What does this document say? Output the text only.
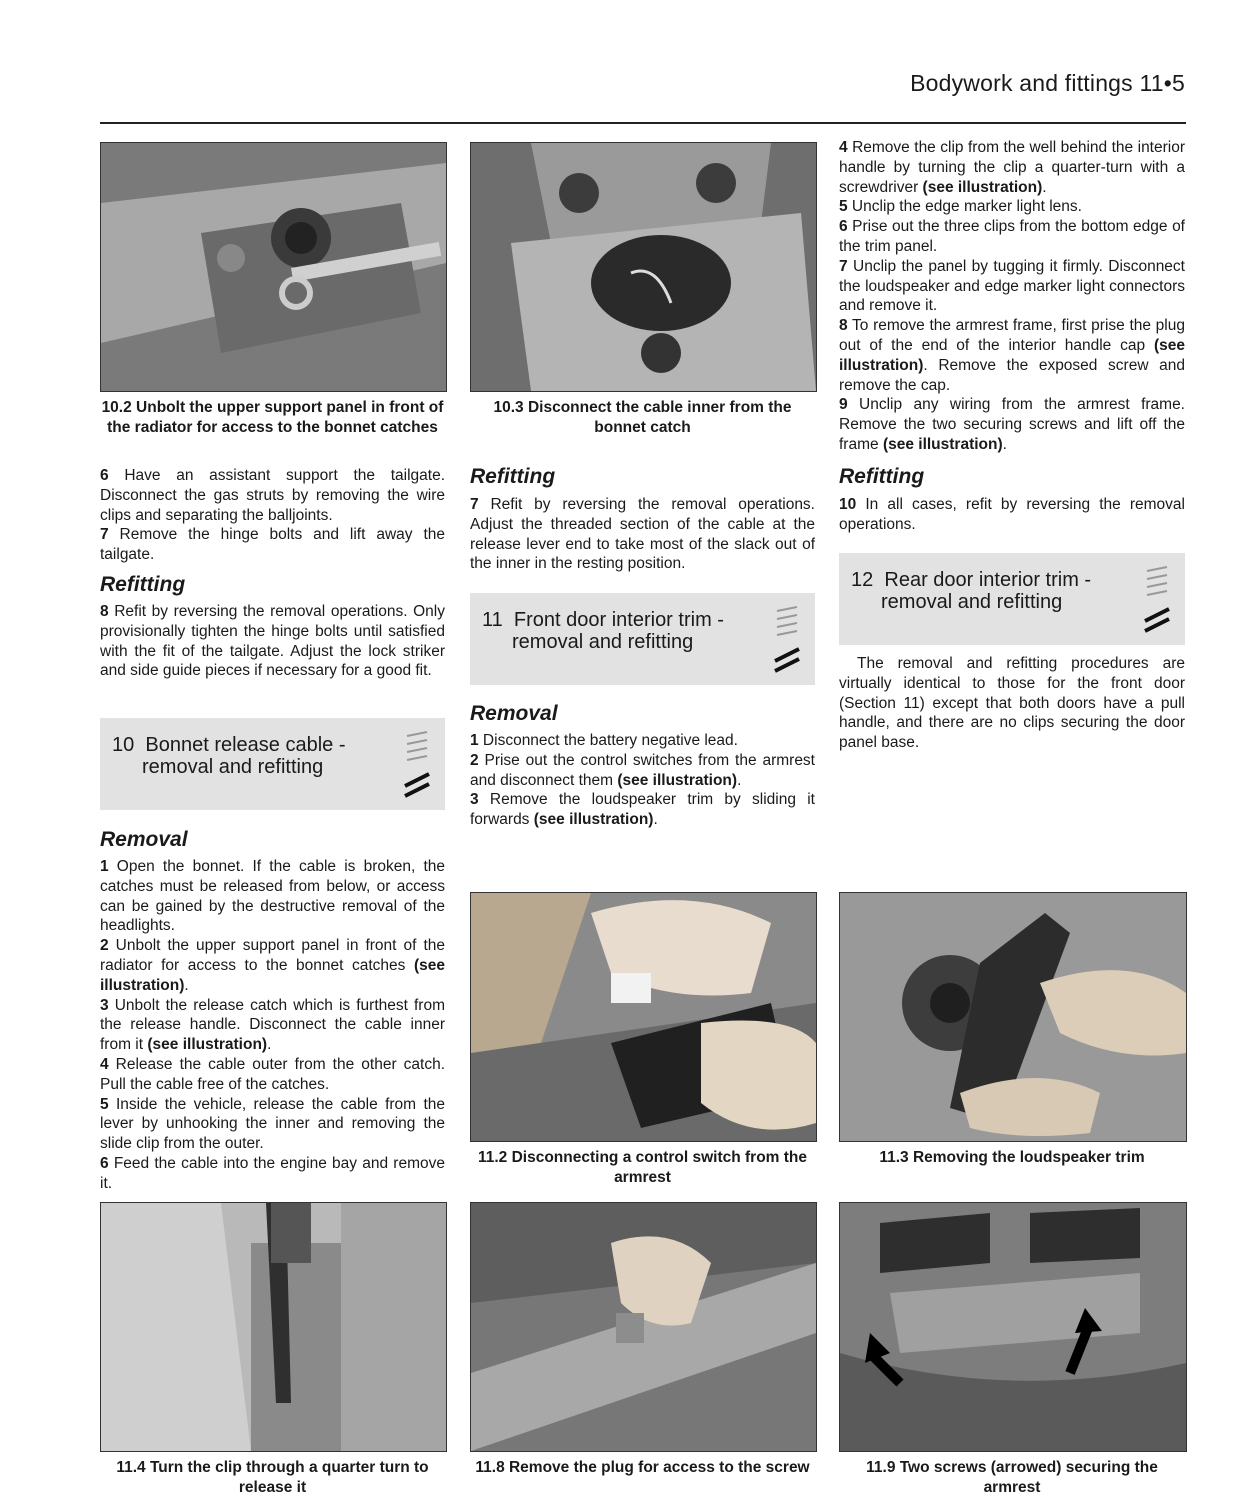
Bodywork and fittings 11•5
10.2 Unbolt the upper support panel in front of the radiator for access to the bonnet catches

6 Have an assistant support the tailgate. Disconnect the gas struts by removing the wire clips and separating the balljoints.

7 Remove the hinge bolts and lift away the tailgate.

Refitting

8 Refit by reversing the removal operations. Only provisionally tighten the hinge bolts until satisfied with the fit of the tailgate. Adjust the lock striker and side guide pieces if necessary for a good fit.

10 Bonnet release cable -
removal and refitting
Removal

1 Open the bonnet. If the cable is broken, the catches must be released from below, or access can be gained by the destructive removal of the headlights.

2 Unbolt the upper support panel in front of the radiator for access to the bonnet catches (see illustration).

3 Unbolt the release catch which is furthest from the release handle. Disconnect the cable inner from it (see illustration).

4 Release the cable outer from the other catch. Pull the cable free of the catches.

5 Inside the vehicle, release the cable from the lever by unhooking the inner and removing the slide clip from the outer.

6 Feed the cable into the engine bay and remove it.

10.3 Disconnect the cable inner from the bonnet catch
Refitting

7 Refit by reversing the removal operations. Adjust the threaded section of the cable at the release lever end to take most of the slack out of the inner in the resting position.

11 Front door interior trim -
removal and refitting
Removal

1 Disconnect the battery negative lead.

2 Prise out the control switches from the armrest and disconnect them (see illustration).

3 Remove the loudspeaker trim by sliding it forwards (see illustration).

4 Remove the clip from the well behind the interior handle by turning the clip a quarter-turn with a screwdriver (see illustration).

5 Unclip the edge marker light lens.

6 Prise out the three clips from the bottom edge of the trim panel.

7 Unclip the panel by tugging it firmly. Disconnect the loudspeaker and edge marker light connectors and remove it.

8 To remove the armrest frame, first prise the plug out of the end of the interior handle cap (see illustration). Remove the exposed screw and remove the cap.

9 Unclip any wiring from the armrest frame. Remove the two securing screws and lift off the frame (see illustration).

Refitting

10 In all cases, refit by reversing the removal operations.

12 Rear door interior trim -
removal and refitting
The removal and refitting procedures are virtually identical to those for the front door (Section 11) except that both doors have a pull handle, and there are no clips securing the door panel base.
11.2 Disconnecting a control switch from the armrest
11.3 Removing the loudspeaker trim
11.4 Turn the clip through a quarter turn to release it
11.8 Remove the plug for access to the screw	11.9 Two screws (arrowed) securing the armrest
